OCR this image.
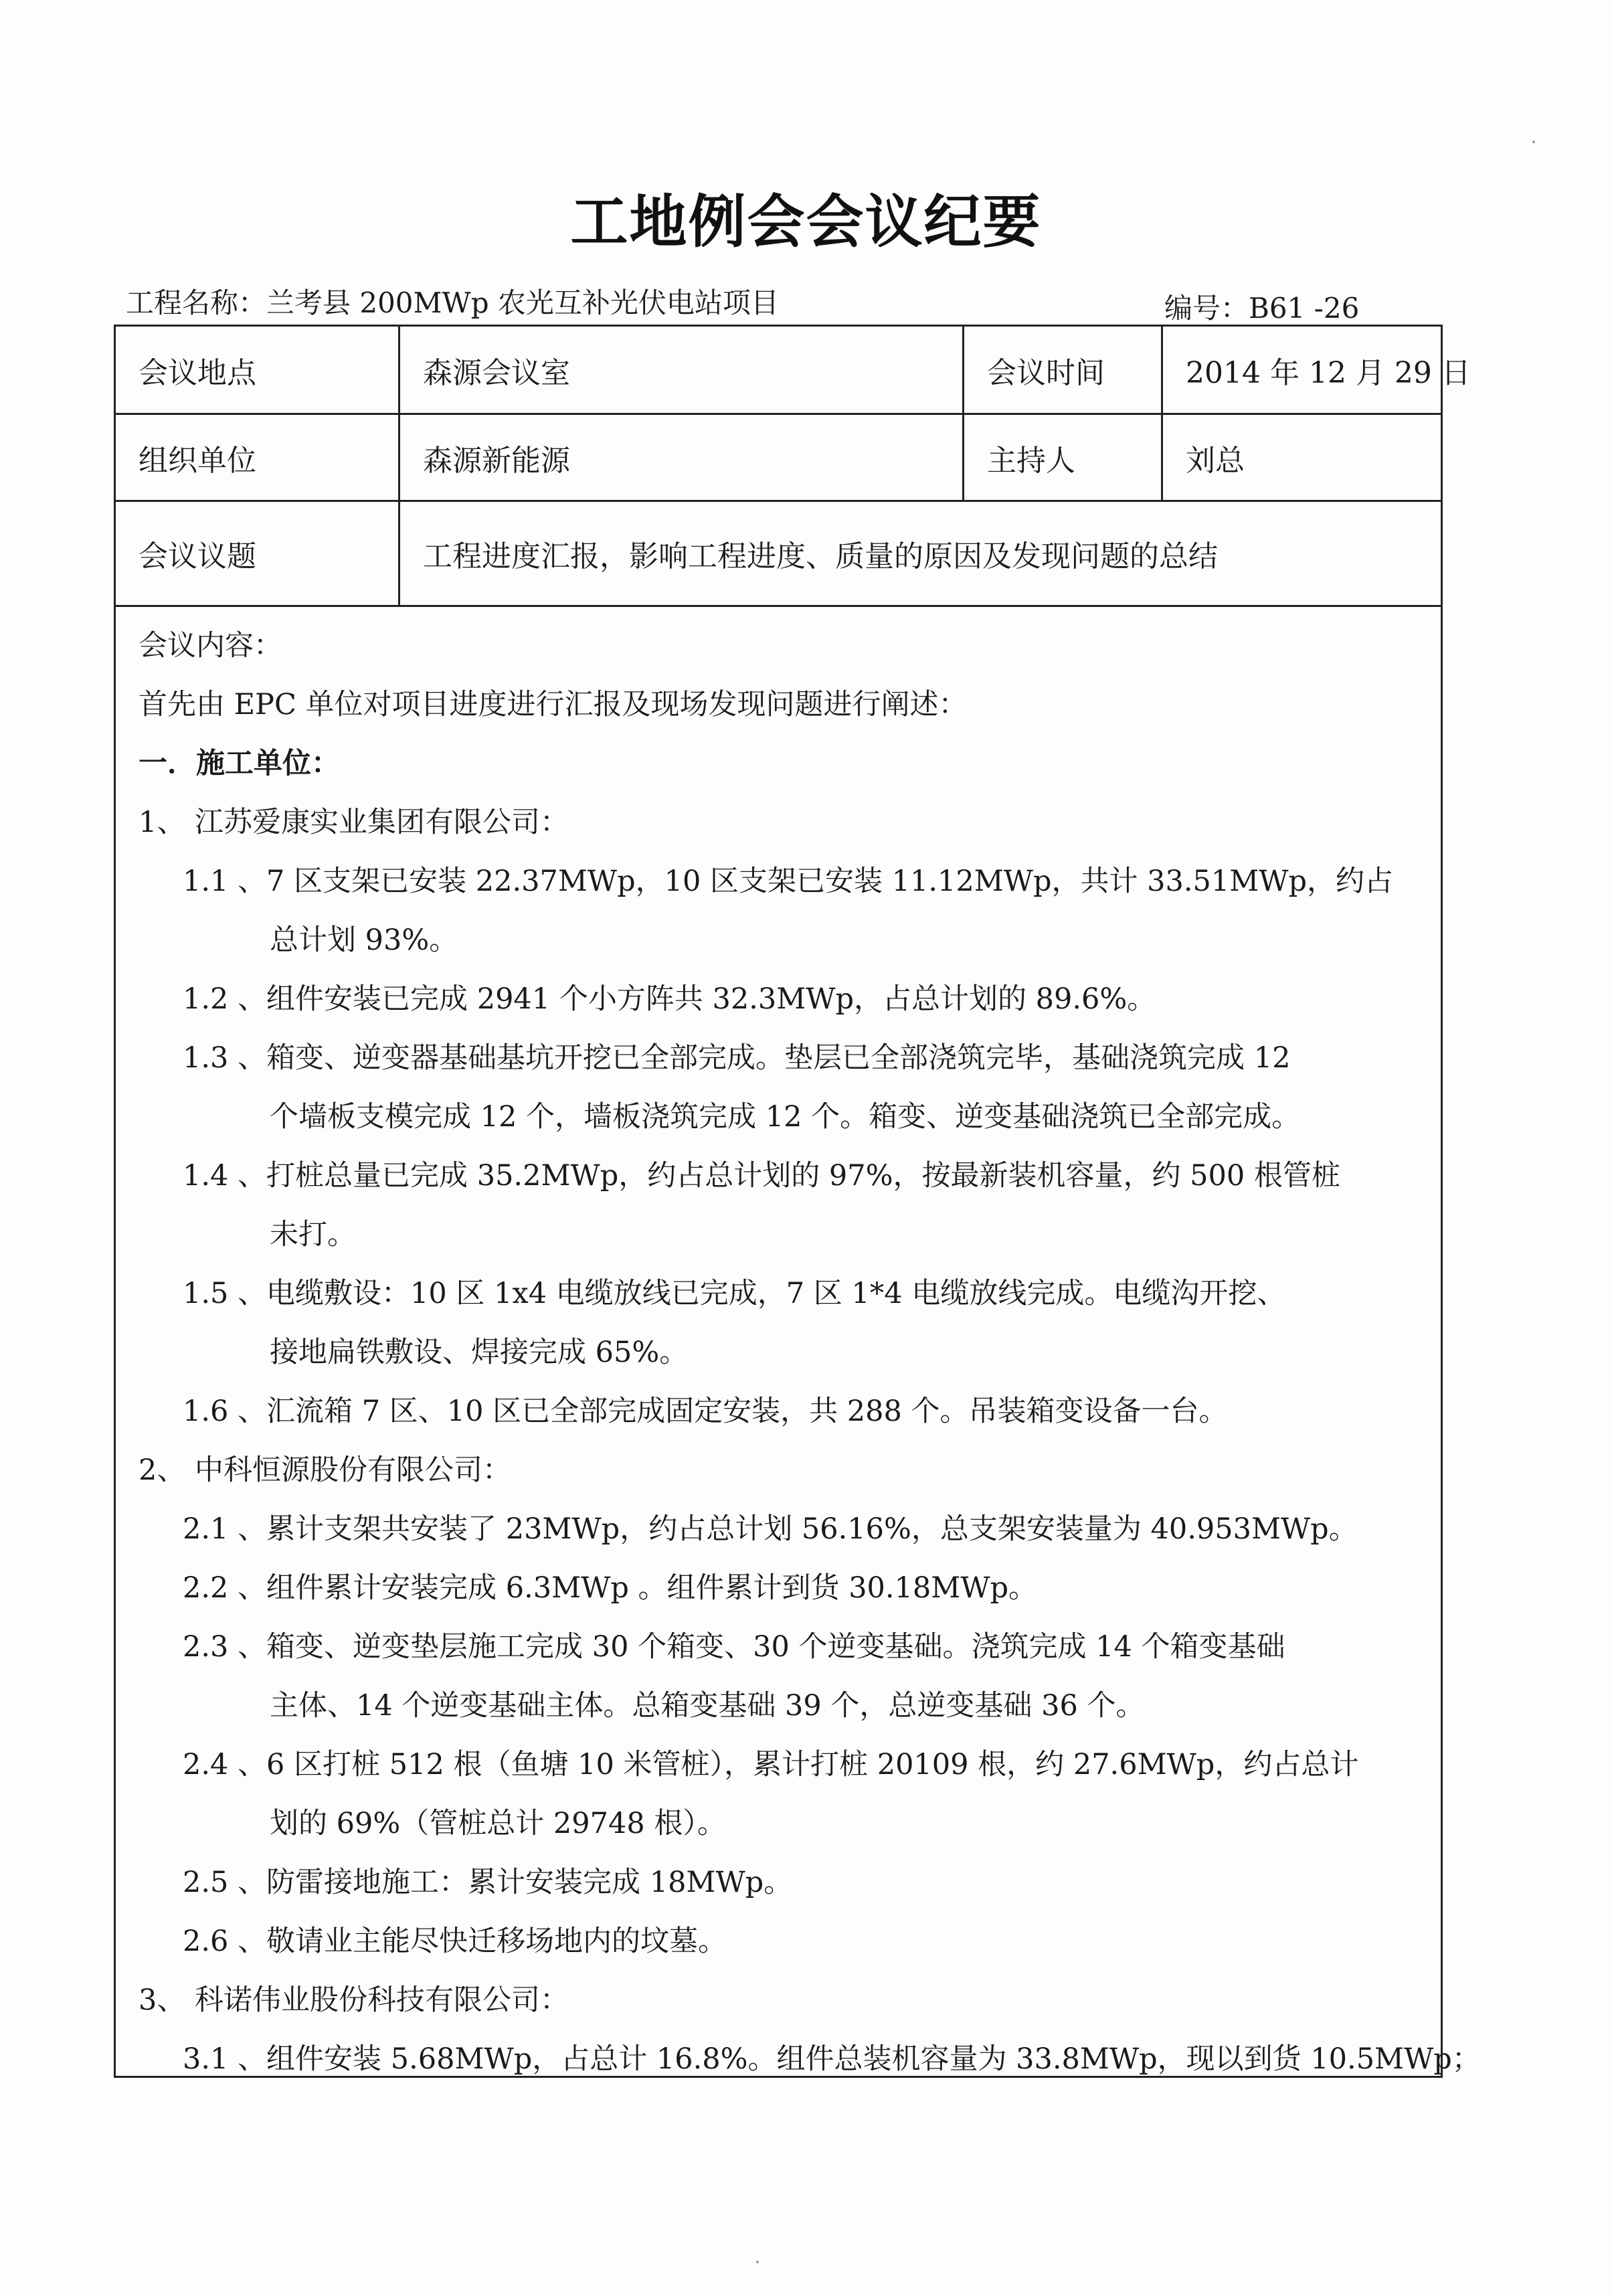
工地例会会议纪要
工程名称：兰考县 200MWp 农光互补光伏电站项目	编号：B61 -26
会议地点	森源会议室	会议时间	2014 年 12 月 29 日
组织单位	森源新能源	主持人	刘总
会议议题	工程进度汇报，影响工程进度、质量的原因及发现问题的总结
会议内容：
首先由 EPC 单位对项目进度进行汇报及现场发现问题进行阐述：
一．施工单位：
1、 江苏爱康实业集团有限公司：
1.1 、7 区支架已安装 22.37MWp，10 区支架已安装 11.12MWp，共计 33.51MWp，约占
总计划 93%。
1.2 、组件安装已完成 2941 个小方阵共 32.3MWp，占总计划的 89.6%。
1.3 、箱变、逆变器基础基坑开挖已全部完成。垫层已全部浇筑完毕，基础浇筑完成 12
个墙板支模完成 12 个，墙板浇筑完成 12 个。箱变、逆变基础浇筑已全部完成。
1.4 、打桩总量已完成 35.2MWp，约占总计划的 97%，按最新装机容量，约 500 根管桩
未打。
1.5 、电缆敷设：10 区 1x4 电缆放线已完成，7 区 1*4 电缆放线完成。电缆沟开挖、
接地扁铁敷设、焊接完成 65%。
1.6 、汇流箱 7 区、10 区已全部完成固定安装，共 288 个。吊装箱变设备一台。
2、 中科恒源股份有限公司：
2.1 、累计支架共安装了 23MWp，约占总计划 56.16%，总支架安装量为 40.953MWp。
2.2 、组件累计安装完成 6.3MWp 。组件累计到货 30.18MWp。
2.3 、箱变、逆变垫层施工完成 30 个箱变、30 个逆变基础。浇筑完成 14 个箱变基础
主体、14 个逆变基础主体。总箱变基础 39 个，总逆变基础 36 个。
2.4 、6 区打桩 512 根（鱼塘 10 米管桩），累计打桩 20109 根，约 27.6MWp，约占总计
划的 69%（管桩总计 29748 根）。
2.5 、防雷接地施工：累计安装完成 18MWp。
2.6 、敬请业主能尽快迁移场地内的坟墓。
3、 科诺伟业股份科技有限公司：
3.1 、组件安装 5.68MWp，占总计 16.8%。组件总装机容量为 33.8MWp，现以到货 10.5MWp；
